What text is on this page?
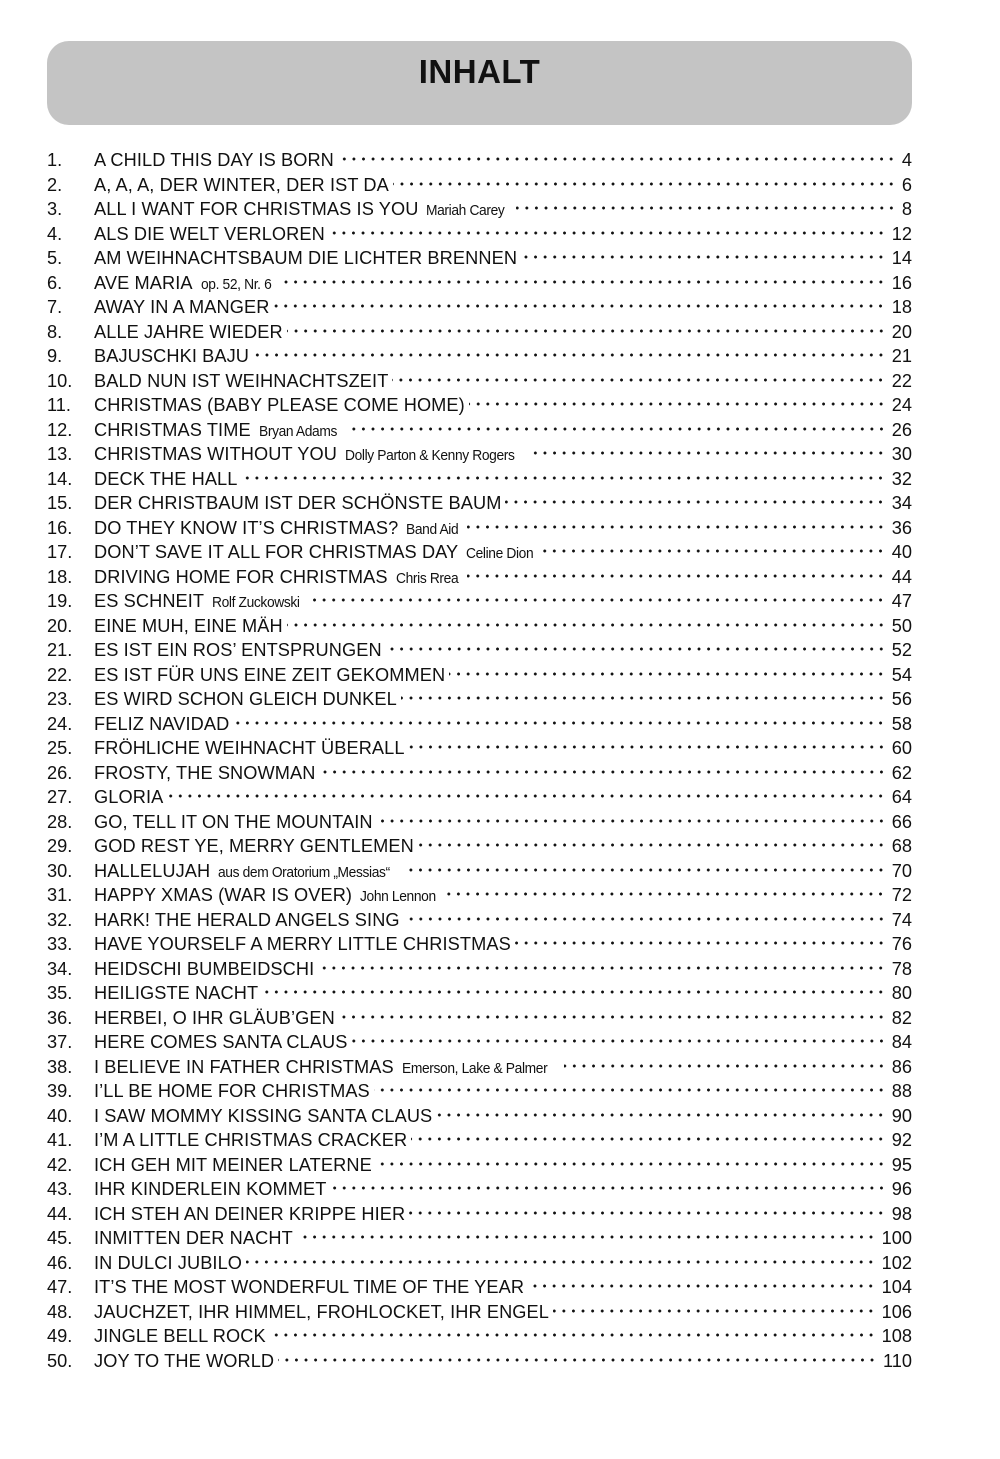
INHALT
1.	A CHILD THIS DAY IS BORN	4
2.	A, A, A, DER WINTER, DER IST DA	6
3.	ALL I WANT FOR CHRISTMAS IS YOU Mariah Carey	8
4.	ALS DIE WELT VERLOREN	12
5.	AM WEIHNACHTSBAUM DIE LICHTER BRENNEN	14
6.	AVE MARIA op. 52, Nr. 6	16
7.	AWAY IN A MANGER	18
8.	ALLE JAHRE WIEDER	20
9.	BAJUSCHKI BAJU	21
10.	BALD NUN IST WEIHNACHTSZEIT	22
11.	CHRISTMAS (BABY PLEASE COME HOME)	24
12.	CHRISTMAS TIME Bryan Adams	26
13.	CHRISTMAS WITHOUT YOU Dolly Parton & Kenny Rogers	30
14.	DECK THE HALL	32
15.	DER CHRISTBAUM IST DER SCHÖNSTE BAUM	34
16.	DO THEY KNOW IT’S CHRISTMAS? Band Aid	36
17.	DON’T SAVE IT ALL FOR CHRISTMAS DAY Celine Dion	40
18.	DRIVING HOME FOR CHRISTMAS Chris Rrea	44
19.	ES SCHNEIT Rolf Zuckowski	47
20.	EINE MUH, EINE MÄH	50
21.	ES IST EIN ROS’ ENTSPRUNGEN	52
22.	ES IST FÜR UNS EINE ZEIT GEKOMMEN	54
23.	ES WIRD SCHON GLEICH DUNKEL	56
24.	FELIZ NAVIDAD	58
25.	FRÖHLICHE WEIHNACHT ÜBERALL	60
26.	FROSTY, THE SNOWMAN	62
27.	GLORIA	64
28.	GO, TELL IT ON THE MOUNTAIN	66
29.	GOD REST YE, MERRY GENTLEMEN	68
30.	HALLELUJAH aus dem Oratorium „Messias“	70
31.	HAPPY XMAS (WAR IS OVER) John Lennon	72
32.	HARK! THE HERALD ANGELS SING	74
33.	HAVE YOURSELF A MERRY LITTLE CHRISTMAS	76
34.	HEIDSCHI BUMBEIDSCHI	78
35.	HEILIGSTE NACHT	80
36.	HERBEI, O IHR GLÄUB’GEN	82
37.	HERE COMES SANTA CLAUS	84
38.	I BELIEVE IN FATHER CHRISTMAS Emerson, Lake & Palmer	86
39.	I’LL BE HOME FOR CHRISTMAS	88
40.	I SAW MOMMY KISSING SANTA CLAUS	90
41.	I’M A LITTLE CHRISTMAS CRACKER	92
42.	ICH GEH MIT MEINER LATERNE	95
43.	IHR KINDERLEIN KOMMET	96
44.	ICH STEH AN DEINER KRIPPE HIER	98
45.	INMITTEN DER NACHT	100
46.	IN DULCI JUBILO	102
47.	IT’S THE MOST WONDERFUL TIME OF THE YEAR	104
48.	JAUCHZET, IHR HIMMEL, FROHLOCKET, IHR ENGEL	106
49.	JINGLE BELL ROCK	108
50.	JOY TO THE WORLD	110
